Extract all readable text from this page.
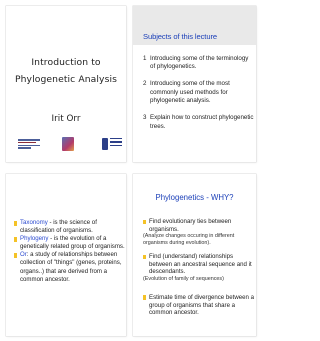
Introduction to
Phylogenetic Analysis
Irit Orr
Subjects of this lecture
1 Introducing some of the terminology of phylogenetics.
2 Introducing some of the most commonly used methods for phylogenetic analysis.
3 Explain how to construct phylogenetic trees.
Taxonomy - is the science of classification of organisms.
Phylogeny - is the evolution of a genetically related group of organisms.
Or: a study of relationships between collection of "things" (genes, proteins, organs..) that are derived from a common ancestor.
Phylogenetics - WHY?
Find evolutionary ties between organisms.
(Analyze changes occuring in different organisms during evolution).
Find (understand) relationships between an ancestral sequence and it descendants.
(Evolution of family of sequences)
Estimate time of divergence between a group of organisms that share a common ancestor.
